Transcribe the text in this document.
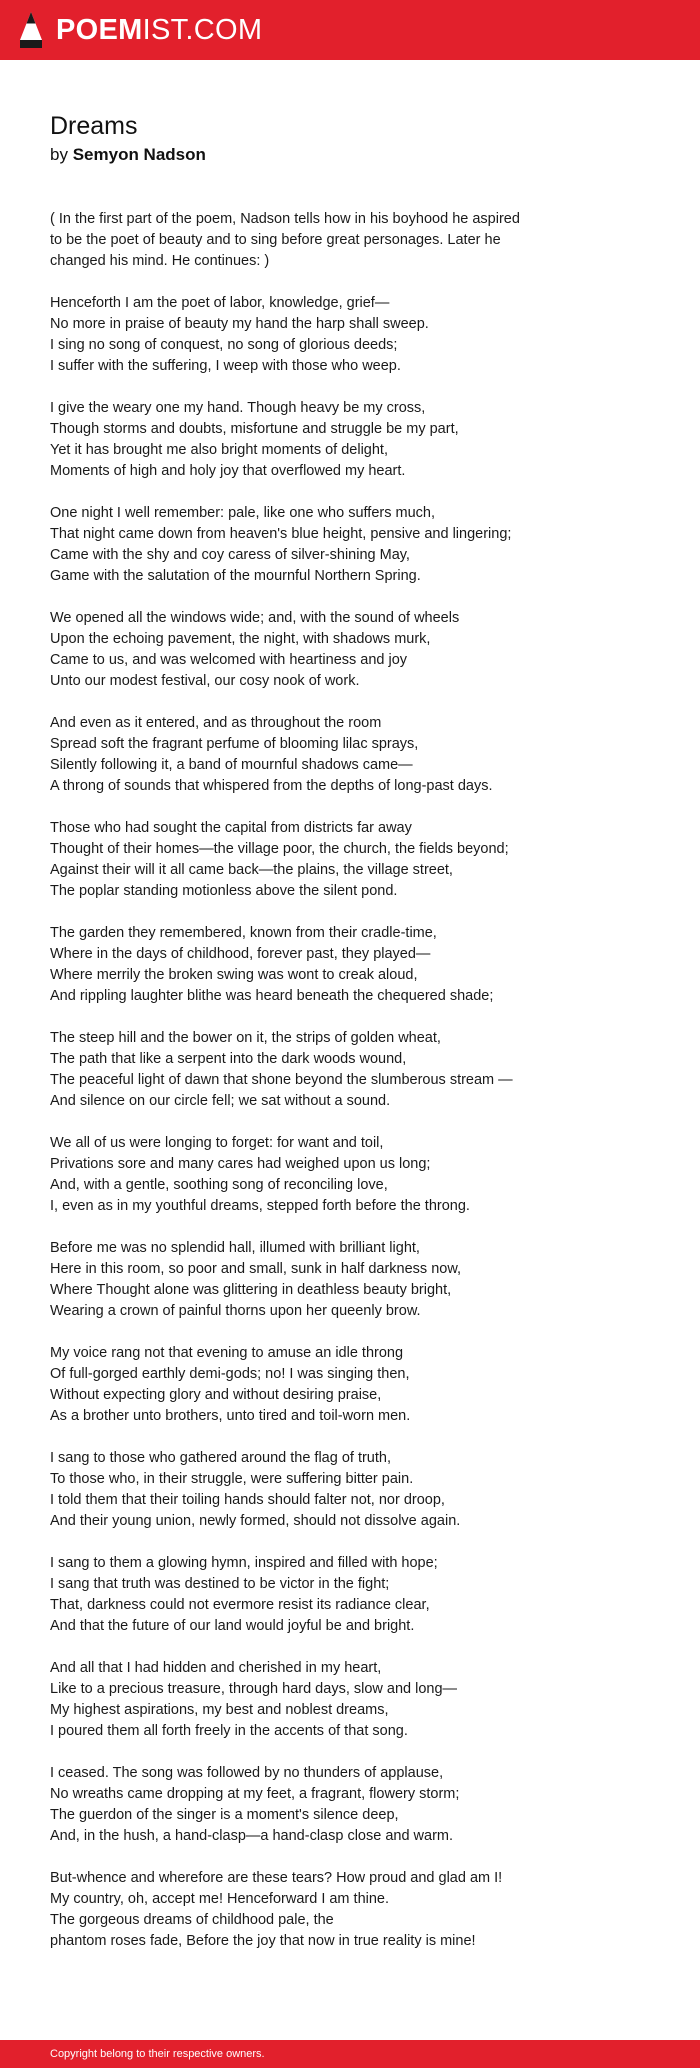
POEMIST.COM
Dreams
by Semyon Nadson
( In the first part of the poem, Nadson tells how in his boyhood he aspired
to be the poet of beauty and to sing before great personages. Later he
changed his mind. He continues: )
Henceforth I am the poet of labor, knowledge, grief—
No more in praise of beauty my hand the harp shall sweep.
I sing no song of conquest, no song of glorious deeds;
I suffer with the suffering, I weep with those who weep.
I give the weary one my hand. Though heavy be my cross,
Though storms and doubts, misfortune and struggle be my part,
Yet it has brought me also bright moments of delight,
Moments of high and holy joy that overflowed my heart.
One night I well remember: pale, like one who suffers much,
That night came down from heaven's blue height, pensive and lingering;
Came with the shy and coy caress of silver-shining May,
Game with the salutation of the mournful Northern Spring.
We opened all the windows wide; and, with the sound of wheels
Upon the echoing pavement, the night, with shadows murk,
Came to us, and was welcomed with heartiness and joy
Unto our modest festival, our cosy nook of work.
And even as it entered, and as throughout the room
Spread soft the fragrant perfume of blooming lilac sprays,
Silently following it, a band of mournful shadows came—
A throng of sounds that whispered from the depths of long-past days.
Those who had sought the capital from districts far away
Thought of their homes—the village poor, the church, the fields beyond;
Against their will it all came back—the plains, the village street,
The poplar standing motionless above the silent pond.
The garden they remembered, known from their cradle-time,
Where in the days of childhood, forever past, they played—
Where merrily the broken swing was wont to creak aloud,
And rippling laughter blithe was heard beneath the chequered shade;
The steep hill and the bower on it, the strips of golden wheat,
The path that like a serpent into the dark woods wound,
The peaceful light of dawn that shone beyond the slumberous stream —
And silence on our circle fell; we sat without a sound.
We all of us were longing to forget: for want and toil,
Privations sore and many cares had weighed upon us long;
And, with a gentle, soothing song of reconciling love,
I, even as in my youthful dreams, stepped forth before the throng.
Before me was no splendid hall, illumed with brilliant light,
Here in this room, so poor and small, sunk in half darkness now,
Where Thought alone was glittering in deathless beauty bright,
Wearing a crown of painful thorns upon her queenly brow.
My voice rang not that evening to amuse an idle throng
Of full-gorged earthly demi-gods; no! I was singing then,
Without expecting glory and without desiring praise,
As a brother unto brothers, unto tired and toil-worn men.
I sang to those who gathered around the flag of truth,
To those who, in their struggle, were suffering bitter pain.
I told them that their toiling hands should falter not, nor droop,
And their young union, newly formed, should not dissolve again.
I sang to them a glowing hymn, inspired and filled with hope;
I sang that truth was destined to be victor in the fight;
That, darkness could not evermore resist its radiance clear,
And that the future of our land would joyful be and bright.
And all that I had hidden and cherished in my heart,
Like to a precious treasure, through hard days, slow and long—
My highest aspirations, my best and noblest dreams,
I poured them all forth freely in the accents of that song.
I ceased. The song was followed by no thunders of applause,
No wreaths came dropping at my feet, a fragrant, flowery storm;
The guerdon of the singer is a moment's silence deep,
And, in the hush, a hand-clasp—a hand-clasp close and warm.
But-whence and wherefore are these tears? How proud and glad am I!
My country, oh, accept me! Henceforward I am thine.
The gorgeous dreams of childhood pale, the
phantom roses fade, Before the joy that now in true reality is mine!
Copyright belong to their respective owners.
